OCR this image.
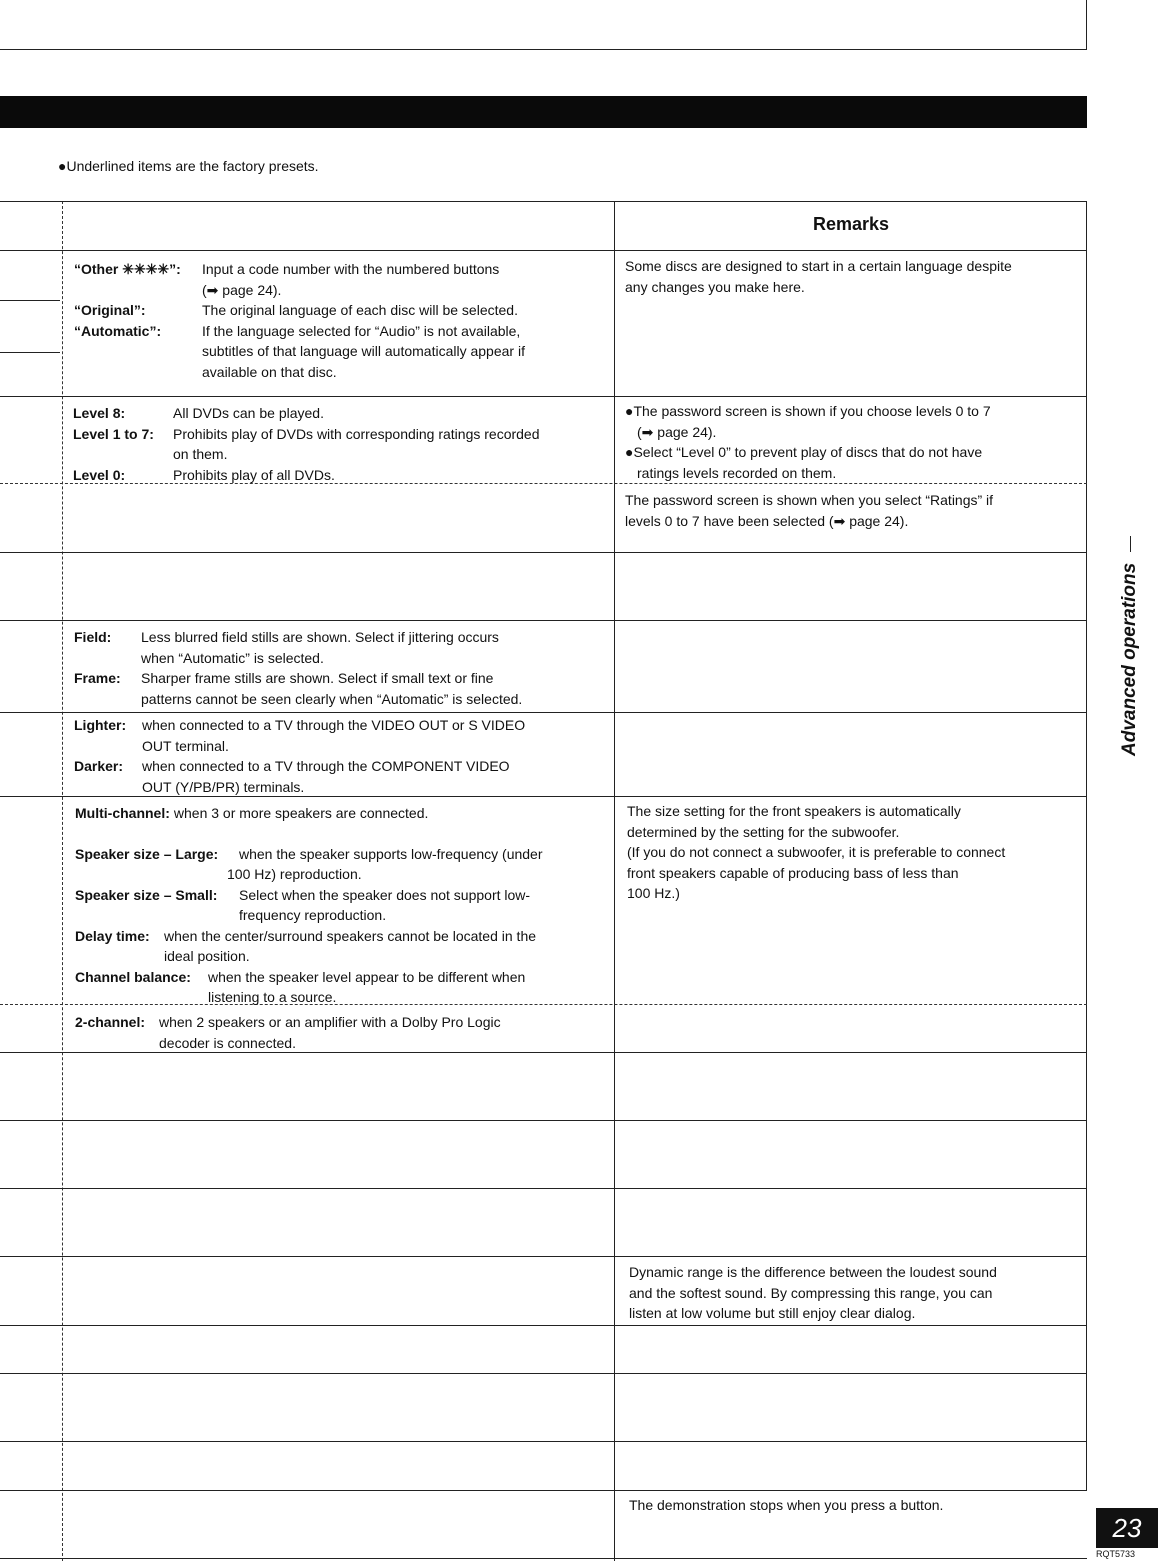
●Underlined items are the factory presets.
Remarks
“Other ✳✳✳✳”:	Input a code number with the numbered buttons
(➡ page 24).
“Original”:	The original language of each disc will be selected.
“Automatic”:	If the language selected for “Audio” is not available,
subtitles of that language will automatically appear if
available on that disc.
Some discs are designed to start in a certain language despite
any changes you make here.
Level 8:	All DVDs can be played.
Level 1 to 7:	Prohibits play of DVDs with corresponding ratings recorded
on them.
Level 0:	Prohibits play of all DVDs.
●The password screen is shown if you choose levels 0 to 7
(➡ page 24).
●Select “Level 0” to prevent play of discs that do not have
ratings levels recorded on them.
The password screen is shown when you select “Ratings” if
levels 0 to 7 have been selected (➡ page 24).
Field:	Less blurred field stills are shown. Select if jittering occurs
when “Automatic” is selected.
Frame:	Sharper frame stills are shown. Select if small text or fine
patterns cannot be seen clearly when “Automatic” is selected.
Lighter:	when connected to a TV through the VIDEO OUT or S VIDEO
OUT terminal.
Darker:	when connected to a TV through the COMPONENT VIDEO
OUT (Y/PB/PR) terminals.
Multi-channel: when 3 or more speakers are connected.
Speaker size – Large:	when the speaker supports low-frequency (under
100 Hz) reproduction.
Speaker size – Small:	Select when the speaker does not support low-
frequency reproduction.
Delay time:	when the center/surround speakers cannot be located in the
ideal position.
Channel balance:	when the speaker level appear to be different when
listening to a source.
The size setting for the front speakers is automatically
determined by the setting for the subwoofer.
(If you do not connect a subwoofer, it is preferable to connect
front speakers capable of producing bass of less than
100 Hz.)
2-channel: when 2 speakers or an amplifier with a Dolby Pro Logic
decoder is connected.
Dynamic range is the difference between the loudest sound
and the softest sound. By compressing this range, you can
listen at low volume but still enjoy clear dialog.
The demonstration stops when you press a button.
Advanced operations
23
RQT5733
